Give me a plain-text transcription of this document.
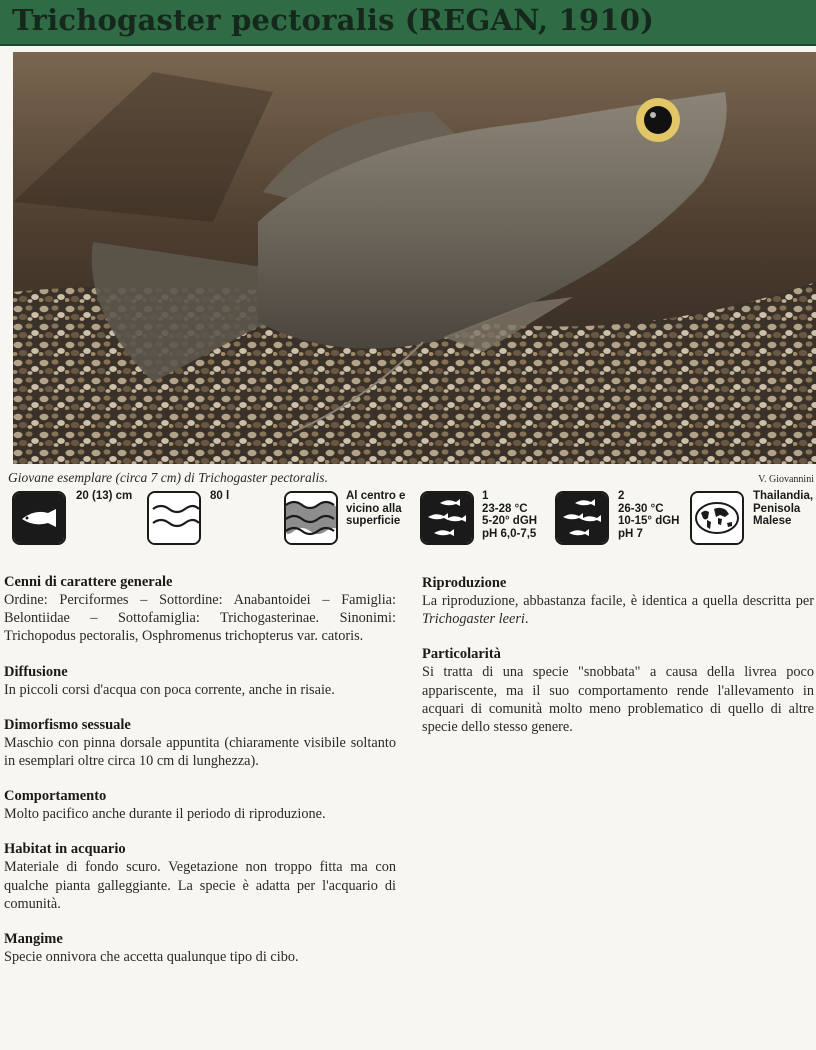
Trichogaster pectoralis (REGAN, 1910)
Giovane esemplare (circa 7 cm) di Trichogaster pectoralis.	V. Giovannini
20 (13) cm	80 l	Al centro e
vicino alla
superficie
1
23-28 °C
5-20° dGH
pH 6,0-7,5
2
26-30 °C
10-15° dGH
pH 7
Thailandia,
Penisola
Malese
Cenni di carattere generale

Ordine: Perciformes – Sottordine: Anabantoidei – Famiglia: Belontiidae – Sottofamiglia: Trichogasterinae. Sinonimi: Trichopodus pectoralis, Osphromenus trichopterus var. catoris.

Diffusione

In piccoli corsi d'acqua con poca corrente, anche in risaie.

Dimorfismo sessuale

Maschio con pinna dorsale appuntita (chiaramente visibile soltanto in esemplari oltre circa 10 cm di lunghezza).

Comportamento

Molto pacifico anche durante il periodo di riproduzione.

Habitat in acquario

Materiale di fondo scuro. Vegetazione non troppo fitta ma con qualche pianta galleggiante. La specie è adatta per l'acquario di comunità.

Mangime

Specie onnivora che accetta qualunque tipo di cibo.

Riproduzione

La riproduzione, abbastanza facile, è identica a quella descritta per Trichogaster leeri.

Particolarità

Si tratta di una specie "snobbata" a causa della livrea poco appariscente, ma il suo comportamento rende l'allevamento in acquari di comunità molto meno problematico di quello di altre specie dello stesso genere.
